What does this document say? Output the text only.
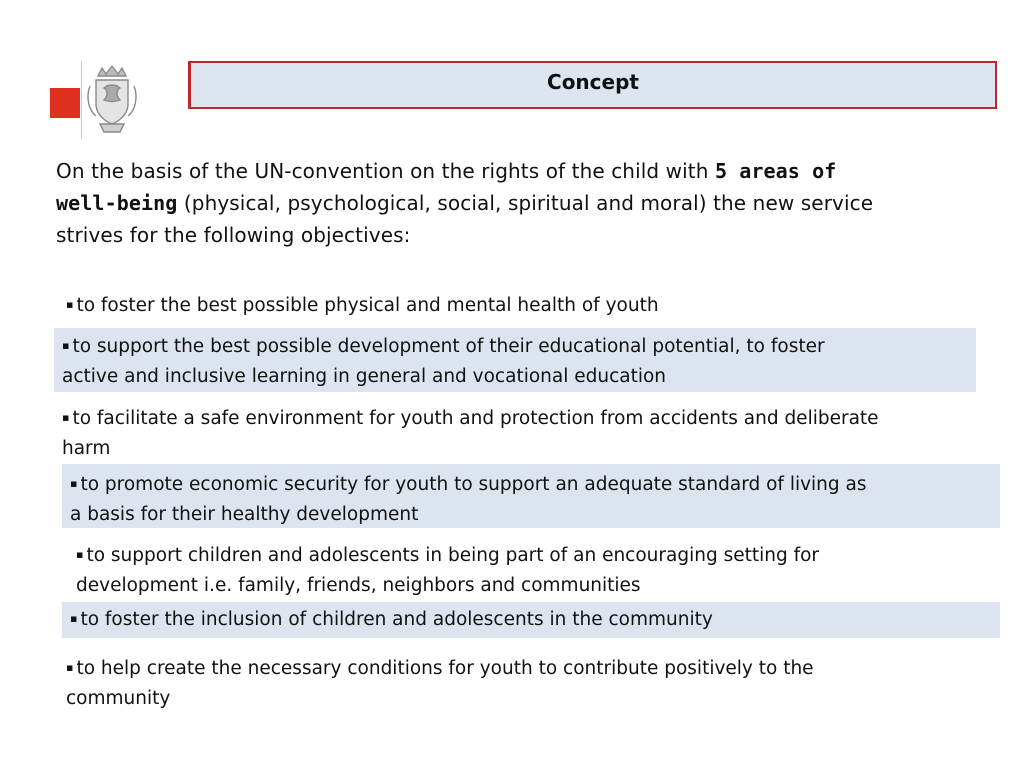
Concept
On the basis of the UN-convention on the rights of the child with 5 areas of
well-being (physical, psychological, social, spiritual and moral) the new service
strives for the following objectives:
▪ to foster the best possible physical and mental health of youth
▪ to support the best possible development of their educational potential, to foster
active and inclusive learning in general and vocational education
▪ to facilitate a safe environment for youth and protection from accidents and deliberate
harm
▪ to promote economic security for youth to support an adequate standard of living as
a basis for their healthy development
▪ to support children and adolescents in being part of an encouraging setting for
development i.e. family, friends, neighbors and communities
▪ to foster the inclusion of children and adolescents in the community
▪ to help create the necessary conditions for youth to contribute positively to the
community
